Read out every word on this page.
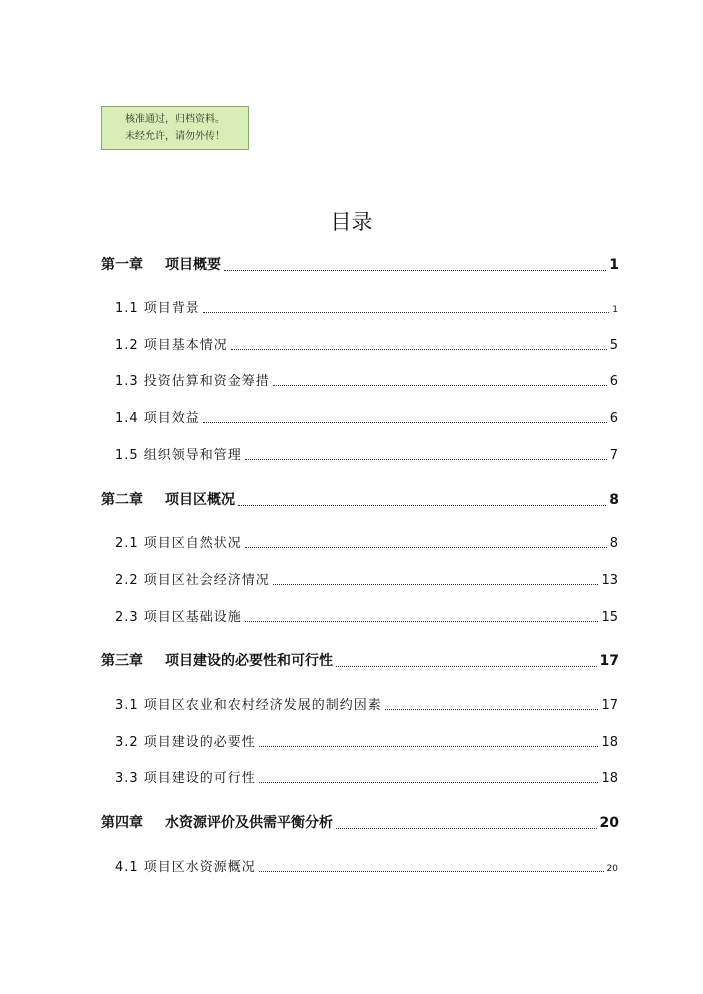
核准通过，归档资料。
未经允许，请勿外传！
目录
第一章 项目概要	1
1.1 项目背景	1
1.2 项目基本情况	5
1.3 投资估算和资金筹措	6
1.4 项目效益	6
1.5 组织领导和管理	7
第二章 项目区概况	8
2.1 项目区自然状况	8
2.2 项目区社会经济情况	13
2.3 项目区基础设施	15
第三章 项目建设的必要性和可行性	17
3.1 项目区农业和农村经济发展的制约因素	17
3.2 项目建设的必要性	18
3.3 项目建设的可行性	18
第四章 水资源评价及供需平衡分析	20
4.1 项目区水资源概况	20
